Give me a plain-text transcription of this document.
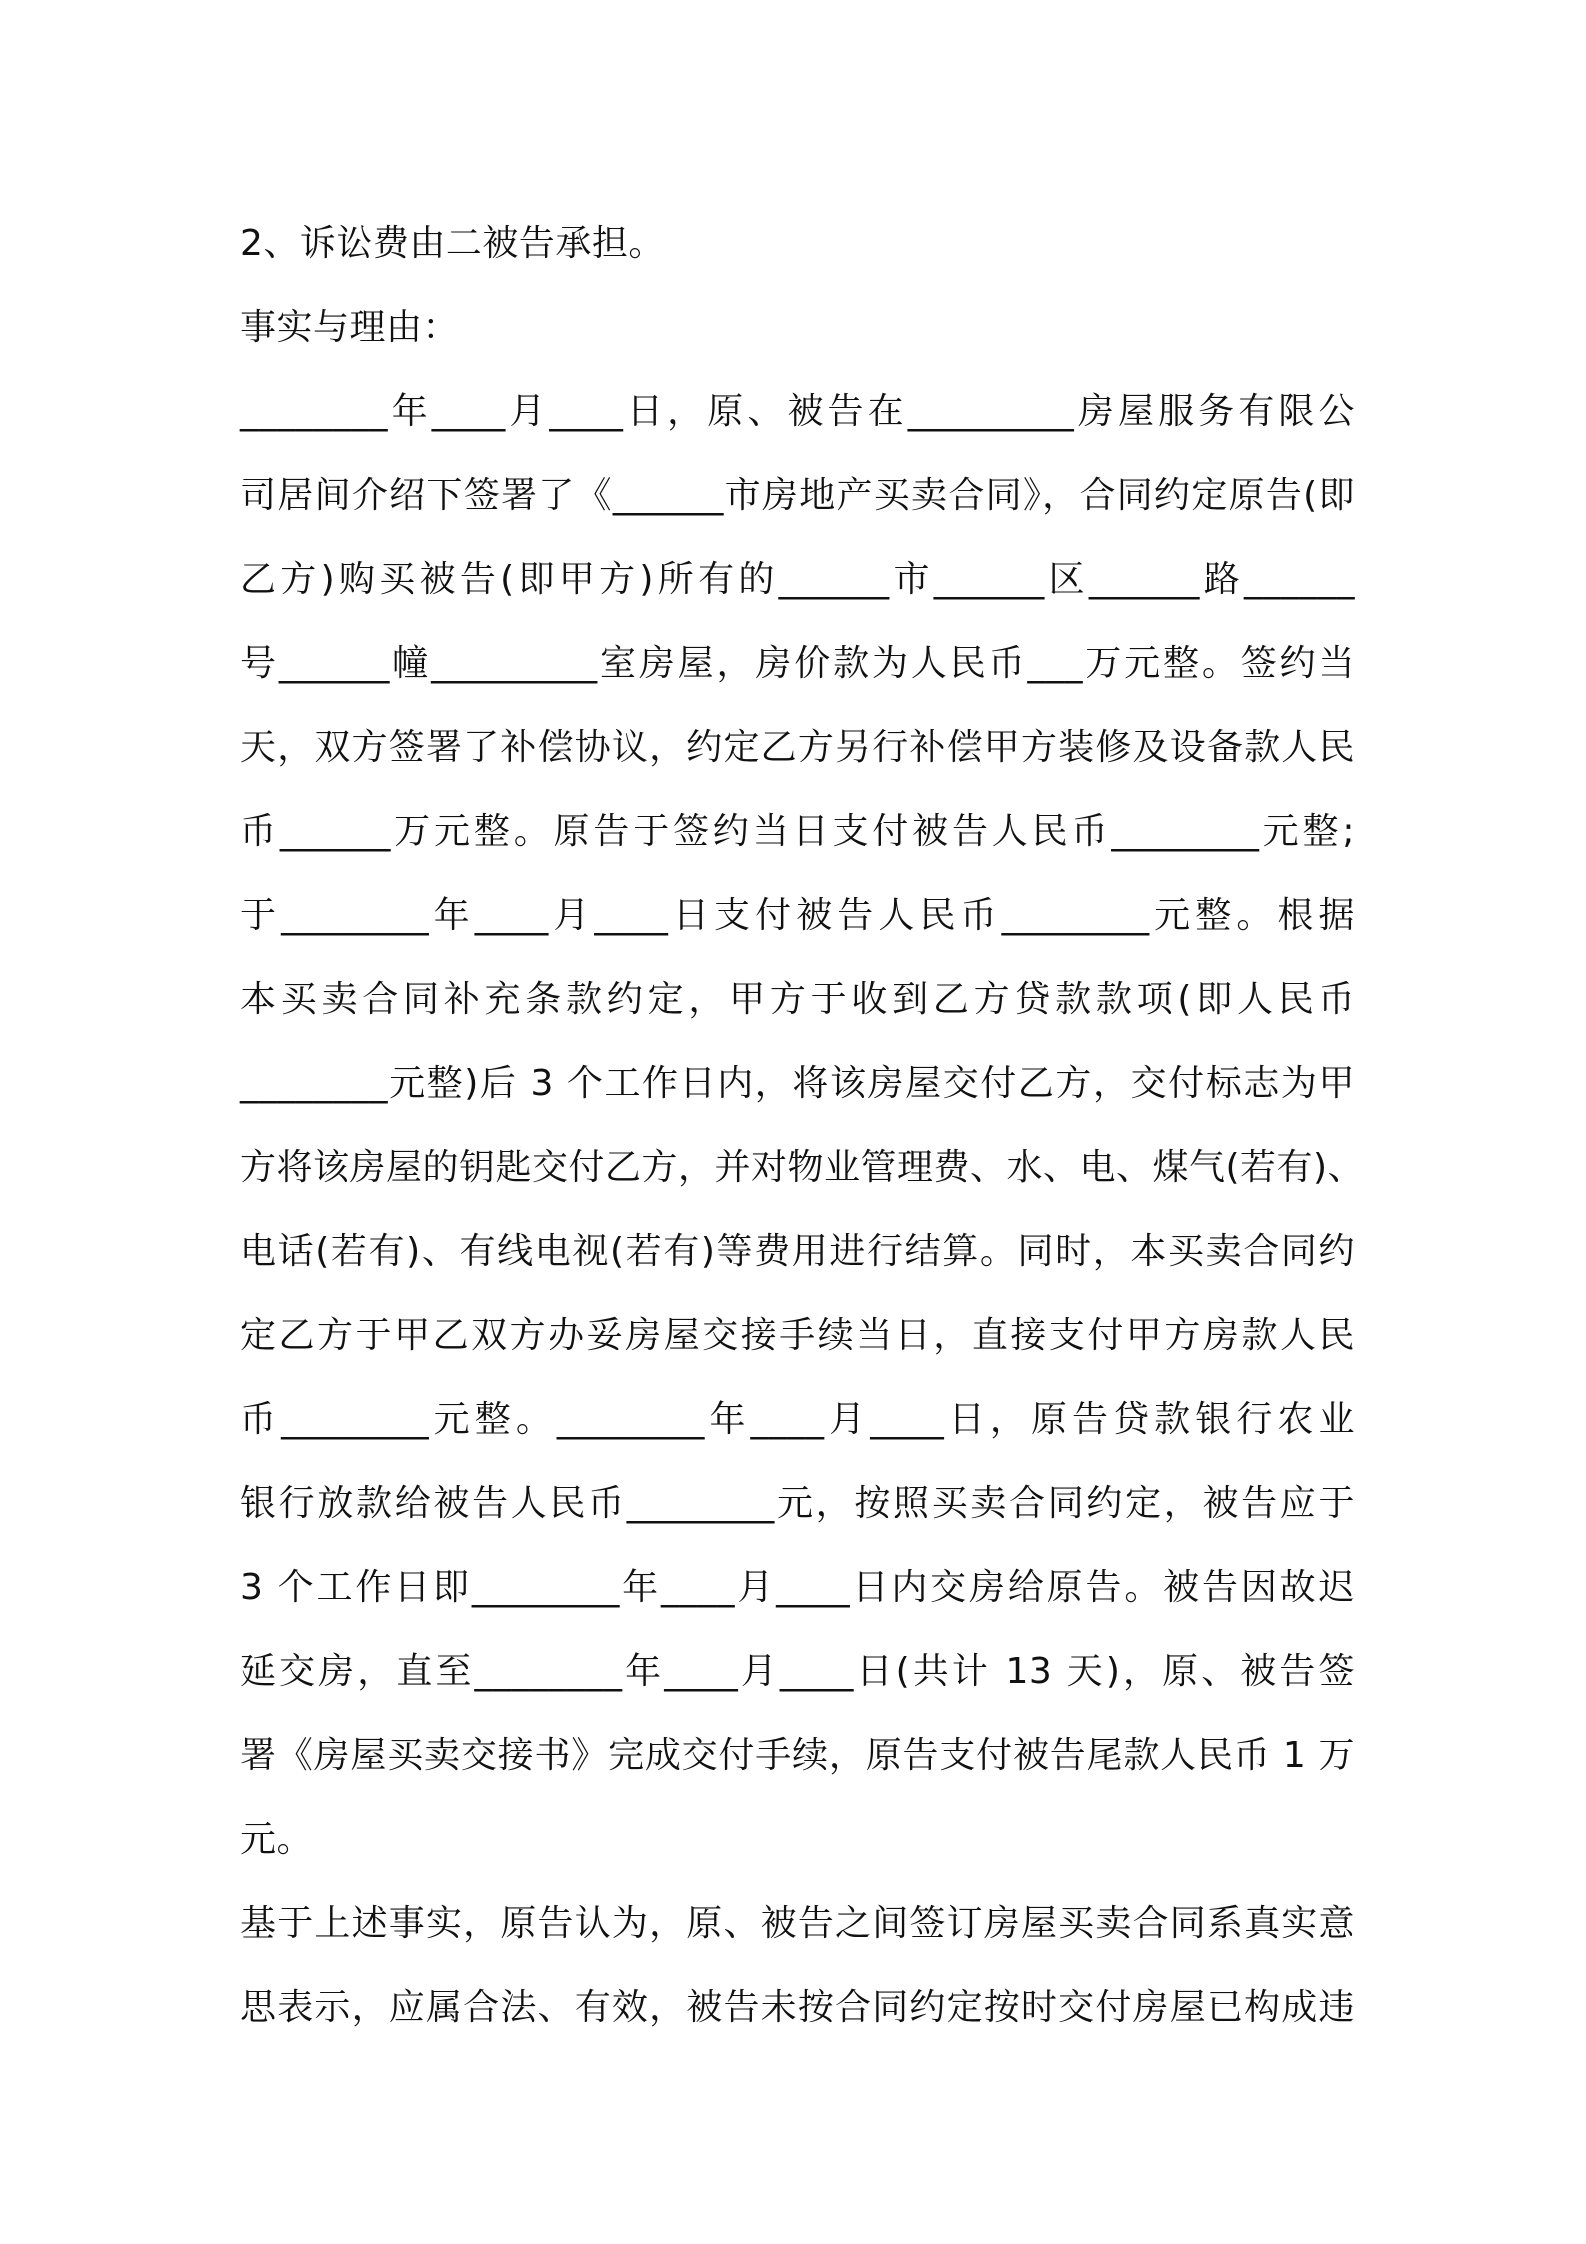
2、诉讼费由二被告承担。
事实与理由：
________年____月____日，原、被告在_________房屋服务有限公
司居间介绍下签署了《______市房地产买卖合同》，合同约定原告(即
乙方)购买被告(即甲方)所有的______市______区______路______
号______幢_________室房屋，房价款为人民币___万元整。签约当
天，双方签署了补偿协议，约定乙方另行补偿甲方装修及设备款人民
币______万元整。原告于签约当日支付被告人民币________元整;
于________年____月____日支付被告人民币________元整。根据
本买卖合同补充条款约定，甲方于收到乙方贷款款项(即人民币
________元整)后 3 个工作日内，将该房屋交付乙方，交付标志为甲
方将该房屋的钥匙交付乙方，并对物业管理费、水、电、煤气(若有)、
电话(若有)、有线电视(若有)等费用进行结算。同时，本买卖合同约
定乙方于甲乙双方办妥房屋交接手续当日，直接支付甲方房款人民
币________元整。________年____月____日，原告贷款银行农业
银行放款给被告人民币________元，按照买卖合同约定，被告应于
3 个工作日即________年____月____日内交房给原告。被告因故迟
延交房，直至________年____月____日(共计 13 天)，原、被告签
署《房屋买卖交接书》完成交付手续，原告支付被告尾款人民币 1 万
元。
基于上述事实，原告认为，原、被告之间签订房屋买卖合同系真实意
思表示，应属合法、有效，被告未按合同约定按时交付房屋已构成违
